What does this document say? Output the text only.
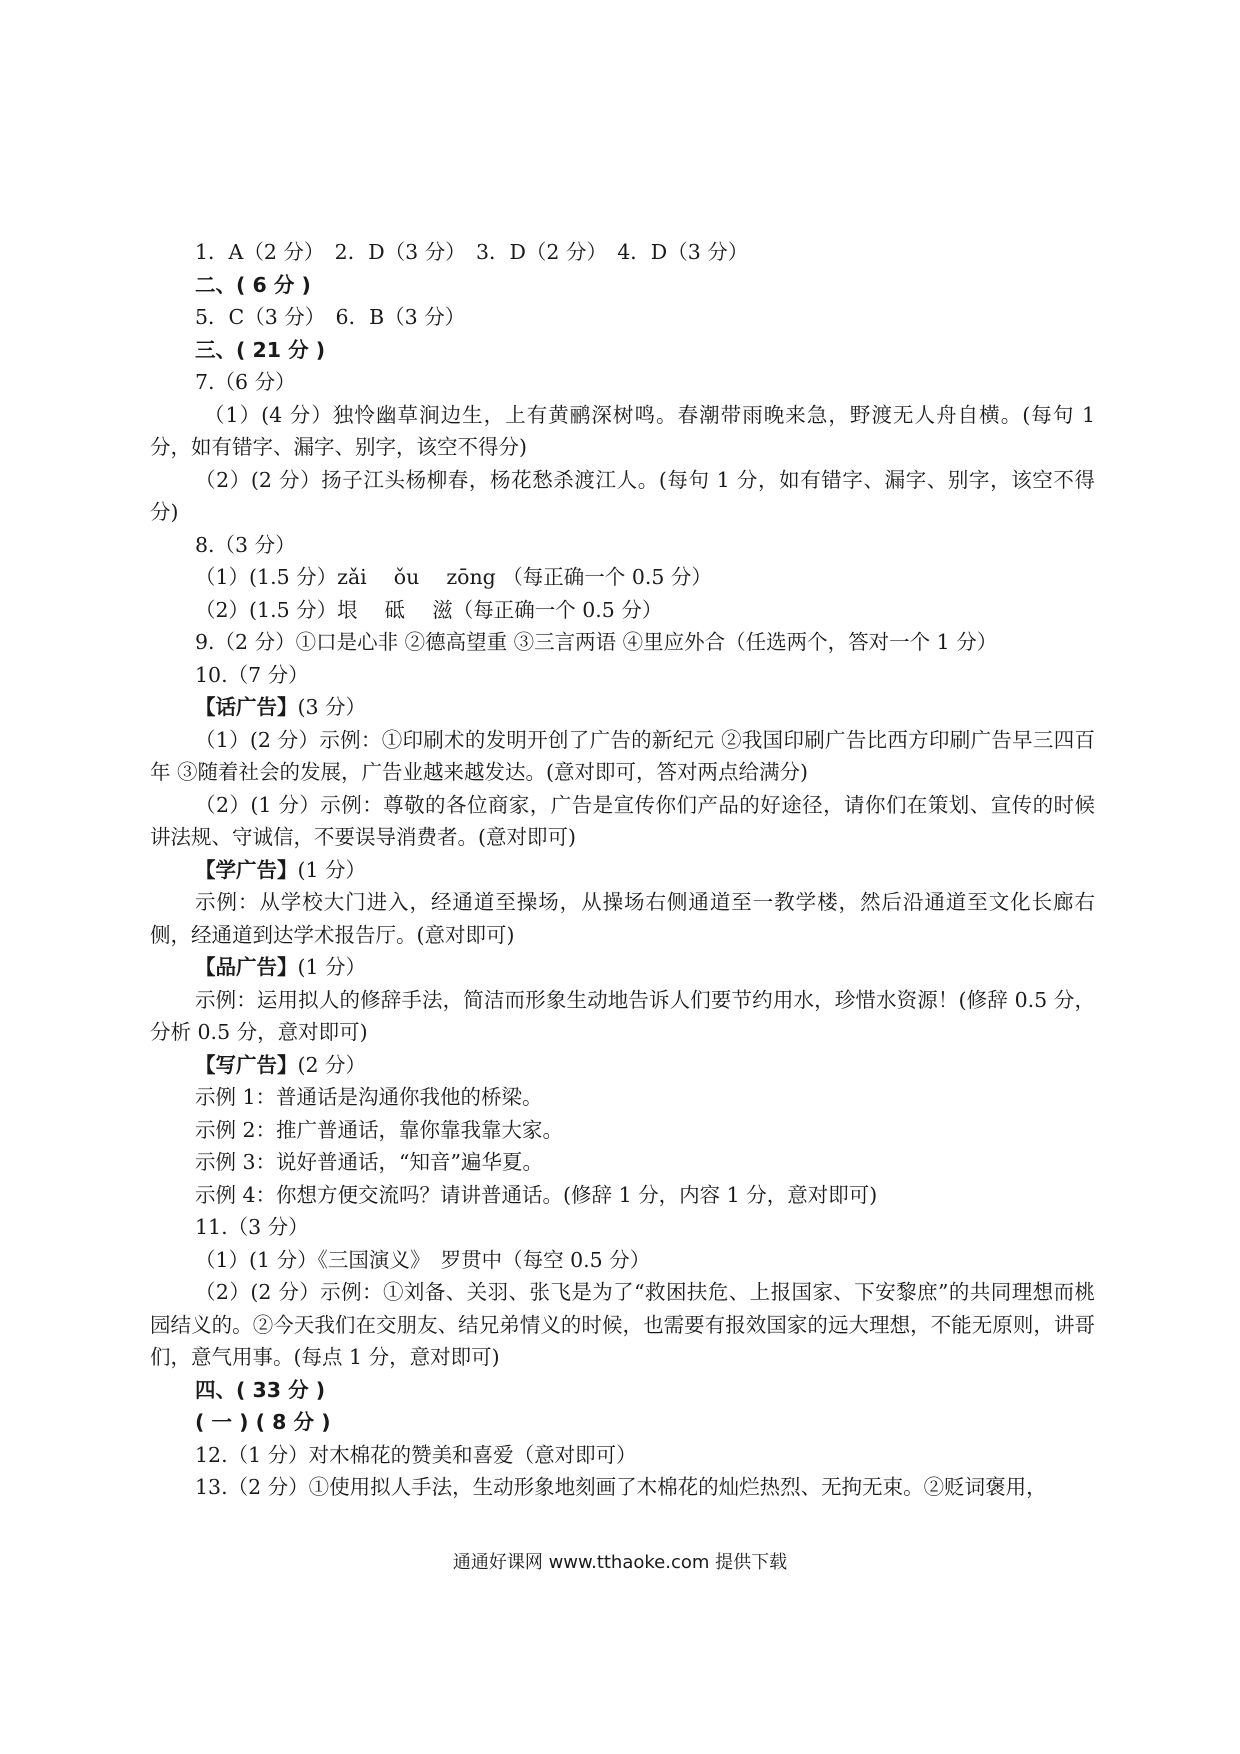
1．A（2 分）　2．D（3 分）　3．D（2 分）　4．D（3 分）
二、( 6 分 )
5．C（3 分）　6．B（3 分）
三、( 21 分 )
7.（6 分）
（1）(4 分）独怜幽草涧边生，上有黄鹂深树鸣。春潮带雨晚来急，野渡无人舟自横。(每句 1 分，如有错字、漏字、别字，该空不得分)
（2）(2 分）扬子江头杨柳春，杨花愁杀渡江人。(每句 1 分，如有错字、漏字、别字，该空不得分)
8.（3 分）
（1）(1.5 分）zǎi　 ǒu　 zōng （每正确一个 0.5 分）
（2）(1.5 分）垠　 砥　 滋（每正确一个 0.5 分）
9.（2 分）①口是心非 ②德高望重 ③三言两语 ④里应外合（任选两个，答对一个 1 分）
10.（7 分）
【话广告】(3 分）
（1）(2 分）示例：①印刷术的发明开创了广告的新纪元 ②我国印刷广告比西方印刷广告早三四百年 ③随着社会的发展，广告业越来越发达。(意对即可，答对两点给满分)
（2）(1 分）示例：尊敬的各位商家，广告是宣传你们产品的好途径，请你们在策划、宣传的时候讲法规、守诚信，不要误导消费者。(意对即可)
【学广告】(1 分）
示例：从学校大门进入，经通道至操场，从操场右侧通道至一教学楼，然后沿通道至文化长廊右侧，经通道到达学术报告厅。(意对即可)
【品广告】(1 分）
示例：运用拟人的修辞手法，简洁而形象生动地告诉人们要节约用水，珍惜水资源！(修辞 0.5 分，分析 0.5 分，意对即可)
【写广告】(2 分）
示例 1：普通话是沟通你我他的桥梁。
示例 2：推广普通话，靠你靠我靠大家。
示例 3：说好普通话，“知音”遍华夏。
示例 4：你想方便交流吗？请讲普通话。(修辞 1 分，内容 1 分，意对即可)
11.（3 分）
（1）(1 分）《三国演义》　罗贯中（每空 0.5 分）
（2）(2 分）示例：①刘备、关羽、张飞是为了“救困扶危、上报国家、下安黎庶”的共同理想而桃园结义的。②今天我们在交朋友、结兄弟情义的时候，也需要有报效国家的远大理想，不能无原则，讲哥们，意气用事。(每点 1 分，意对即可)
四、( 33 分 )
( 一 ) ( 8 分 )
12.（1 分）对木棉花的赞美和喜爱（意对即可）
13.（2 分）①使用拟人手法，生动形象地刻画了木棉花的灿烂热烈、无拘无束。②贬词褒用，
通通好课网 www.tthaoke.com 提供下载
